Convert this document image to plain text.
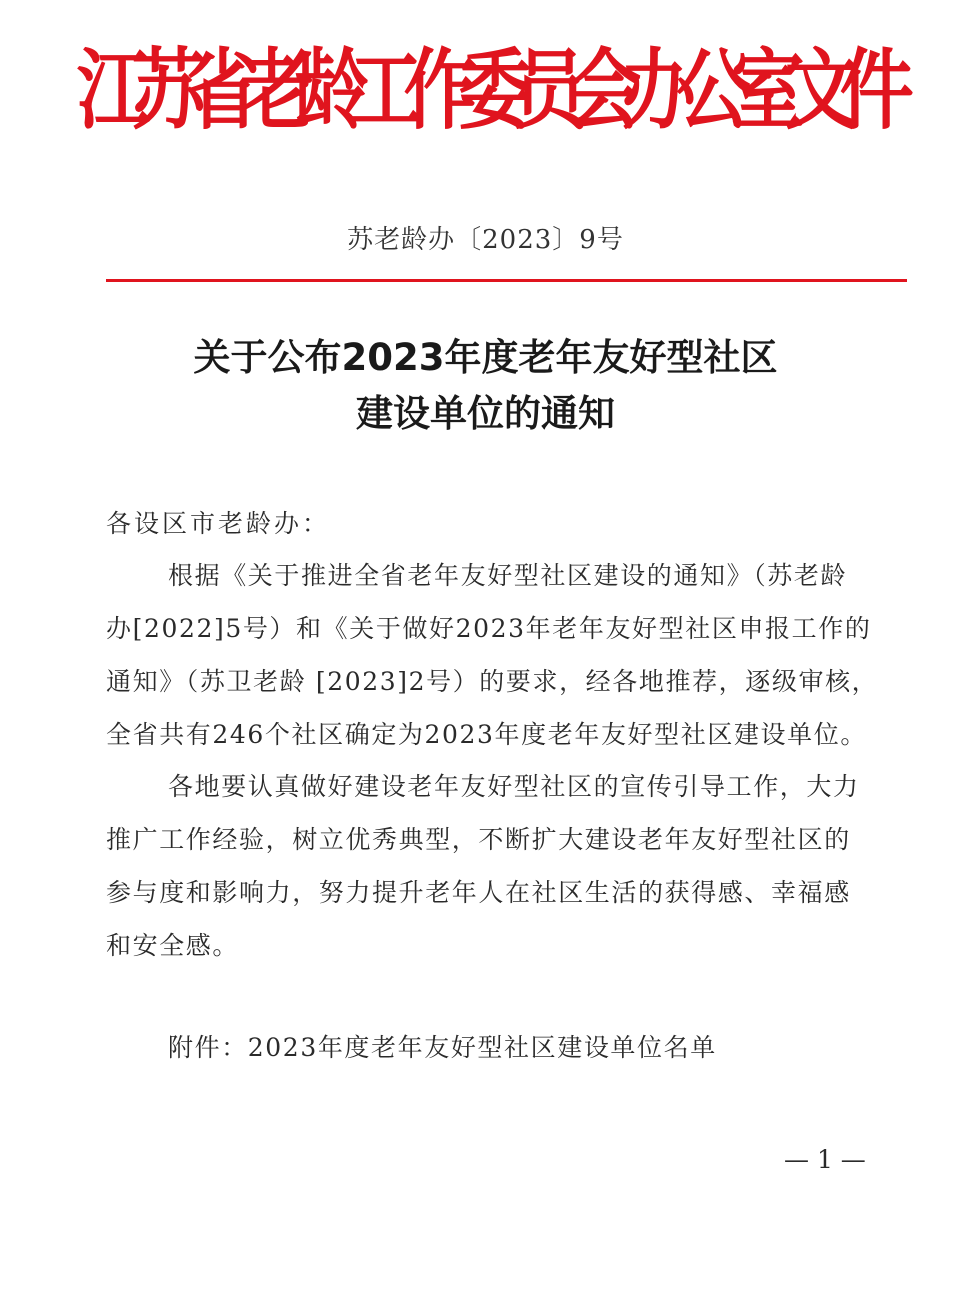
江苏省老龄工作委员会办公室文件
苏老龄办〔2023〕9号
关于公布2023年度老年友好型社区
建设单位的通知
各设区市老龄办：
根据《关于推进全省老年友好型社区建设的通知》（苏老龄
办[2022]5号）和《关于做好2023年老年友好型社区申报工作的
通知》（苏卫老龄 [2023]2号）的要求，经各地推荐，逐级审核，
全省共有246个社区确定为2023年度老年友好型社区建设单位。
各地要认真做好建设老年友好型社区的宣传引导工作，大力
推广工作经验，树立优秀典型，不断扩大建设老年友好型社区的
参与度和影响力，努力提升老年人在社区生活的获得感、幸福感
和安全感。
附件：2023年度老年友好型社区建设单位名单
— 1 —
